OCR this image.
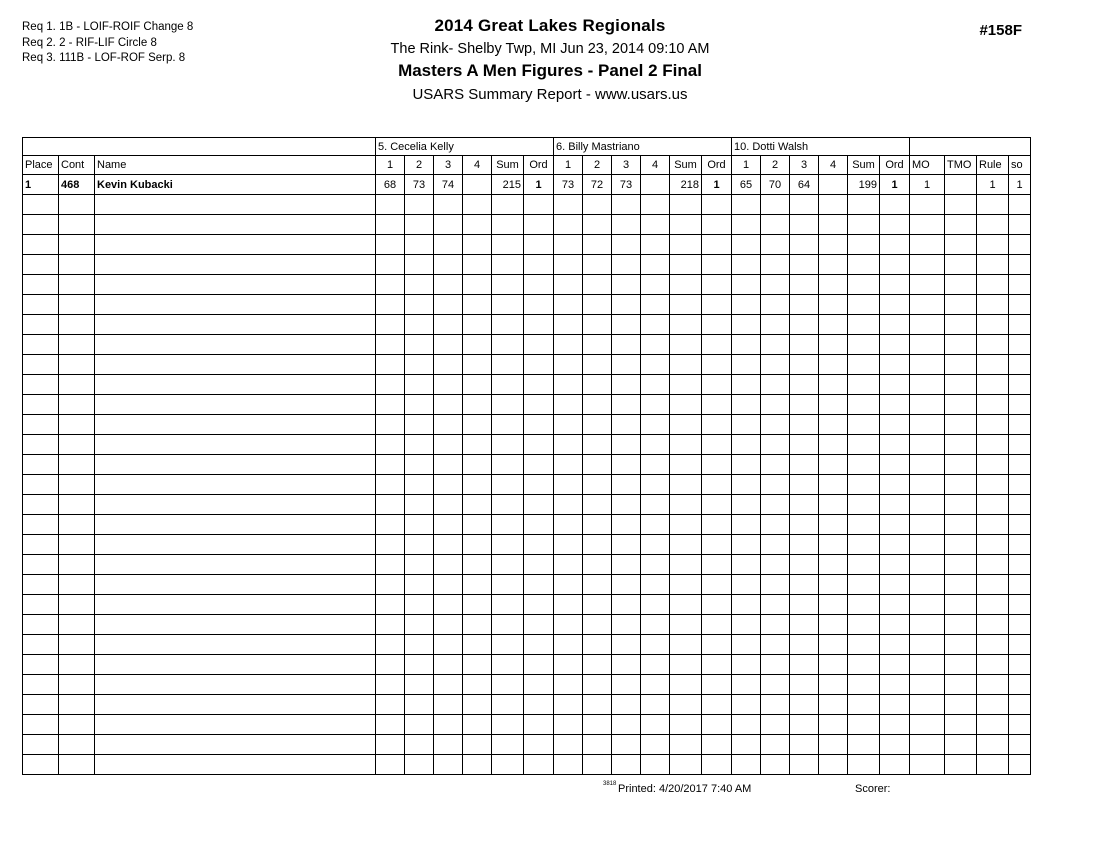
Req 1. 1B - LOIF-ROIF Change 8
Req 2. 2 - RIF-LIF Circle 8
Req 3. 111B - LOF-ROF Serp. 8
2014 Great Lakes Regionals
The Rink- Shelby Twp, MI Jun 23, 2014 09:10 AM
Masters A Men Figures - Panel 2 Final
USARS Summary Report - www.usars.us
#158F
			5. Cecelia Kelly						6. Billy Mastriano						10. Dotti Walsh									
Place	Cont	Name	1	2	3	4	Sum	Ord	1	2	3	4	Sum	Ord	1	2	3	4	Sum	Ord	MO	TMO	Rule	so
1	468	Kevin Kubacki	68	73	74		215	1	73	72	73		218	1	65	70	64		199	1	1		1	1

3818 Printed: 4/20/2017 7:40 AM	Scorer:
